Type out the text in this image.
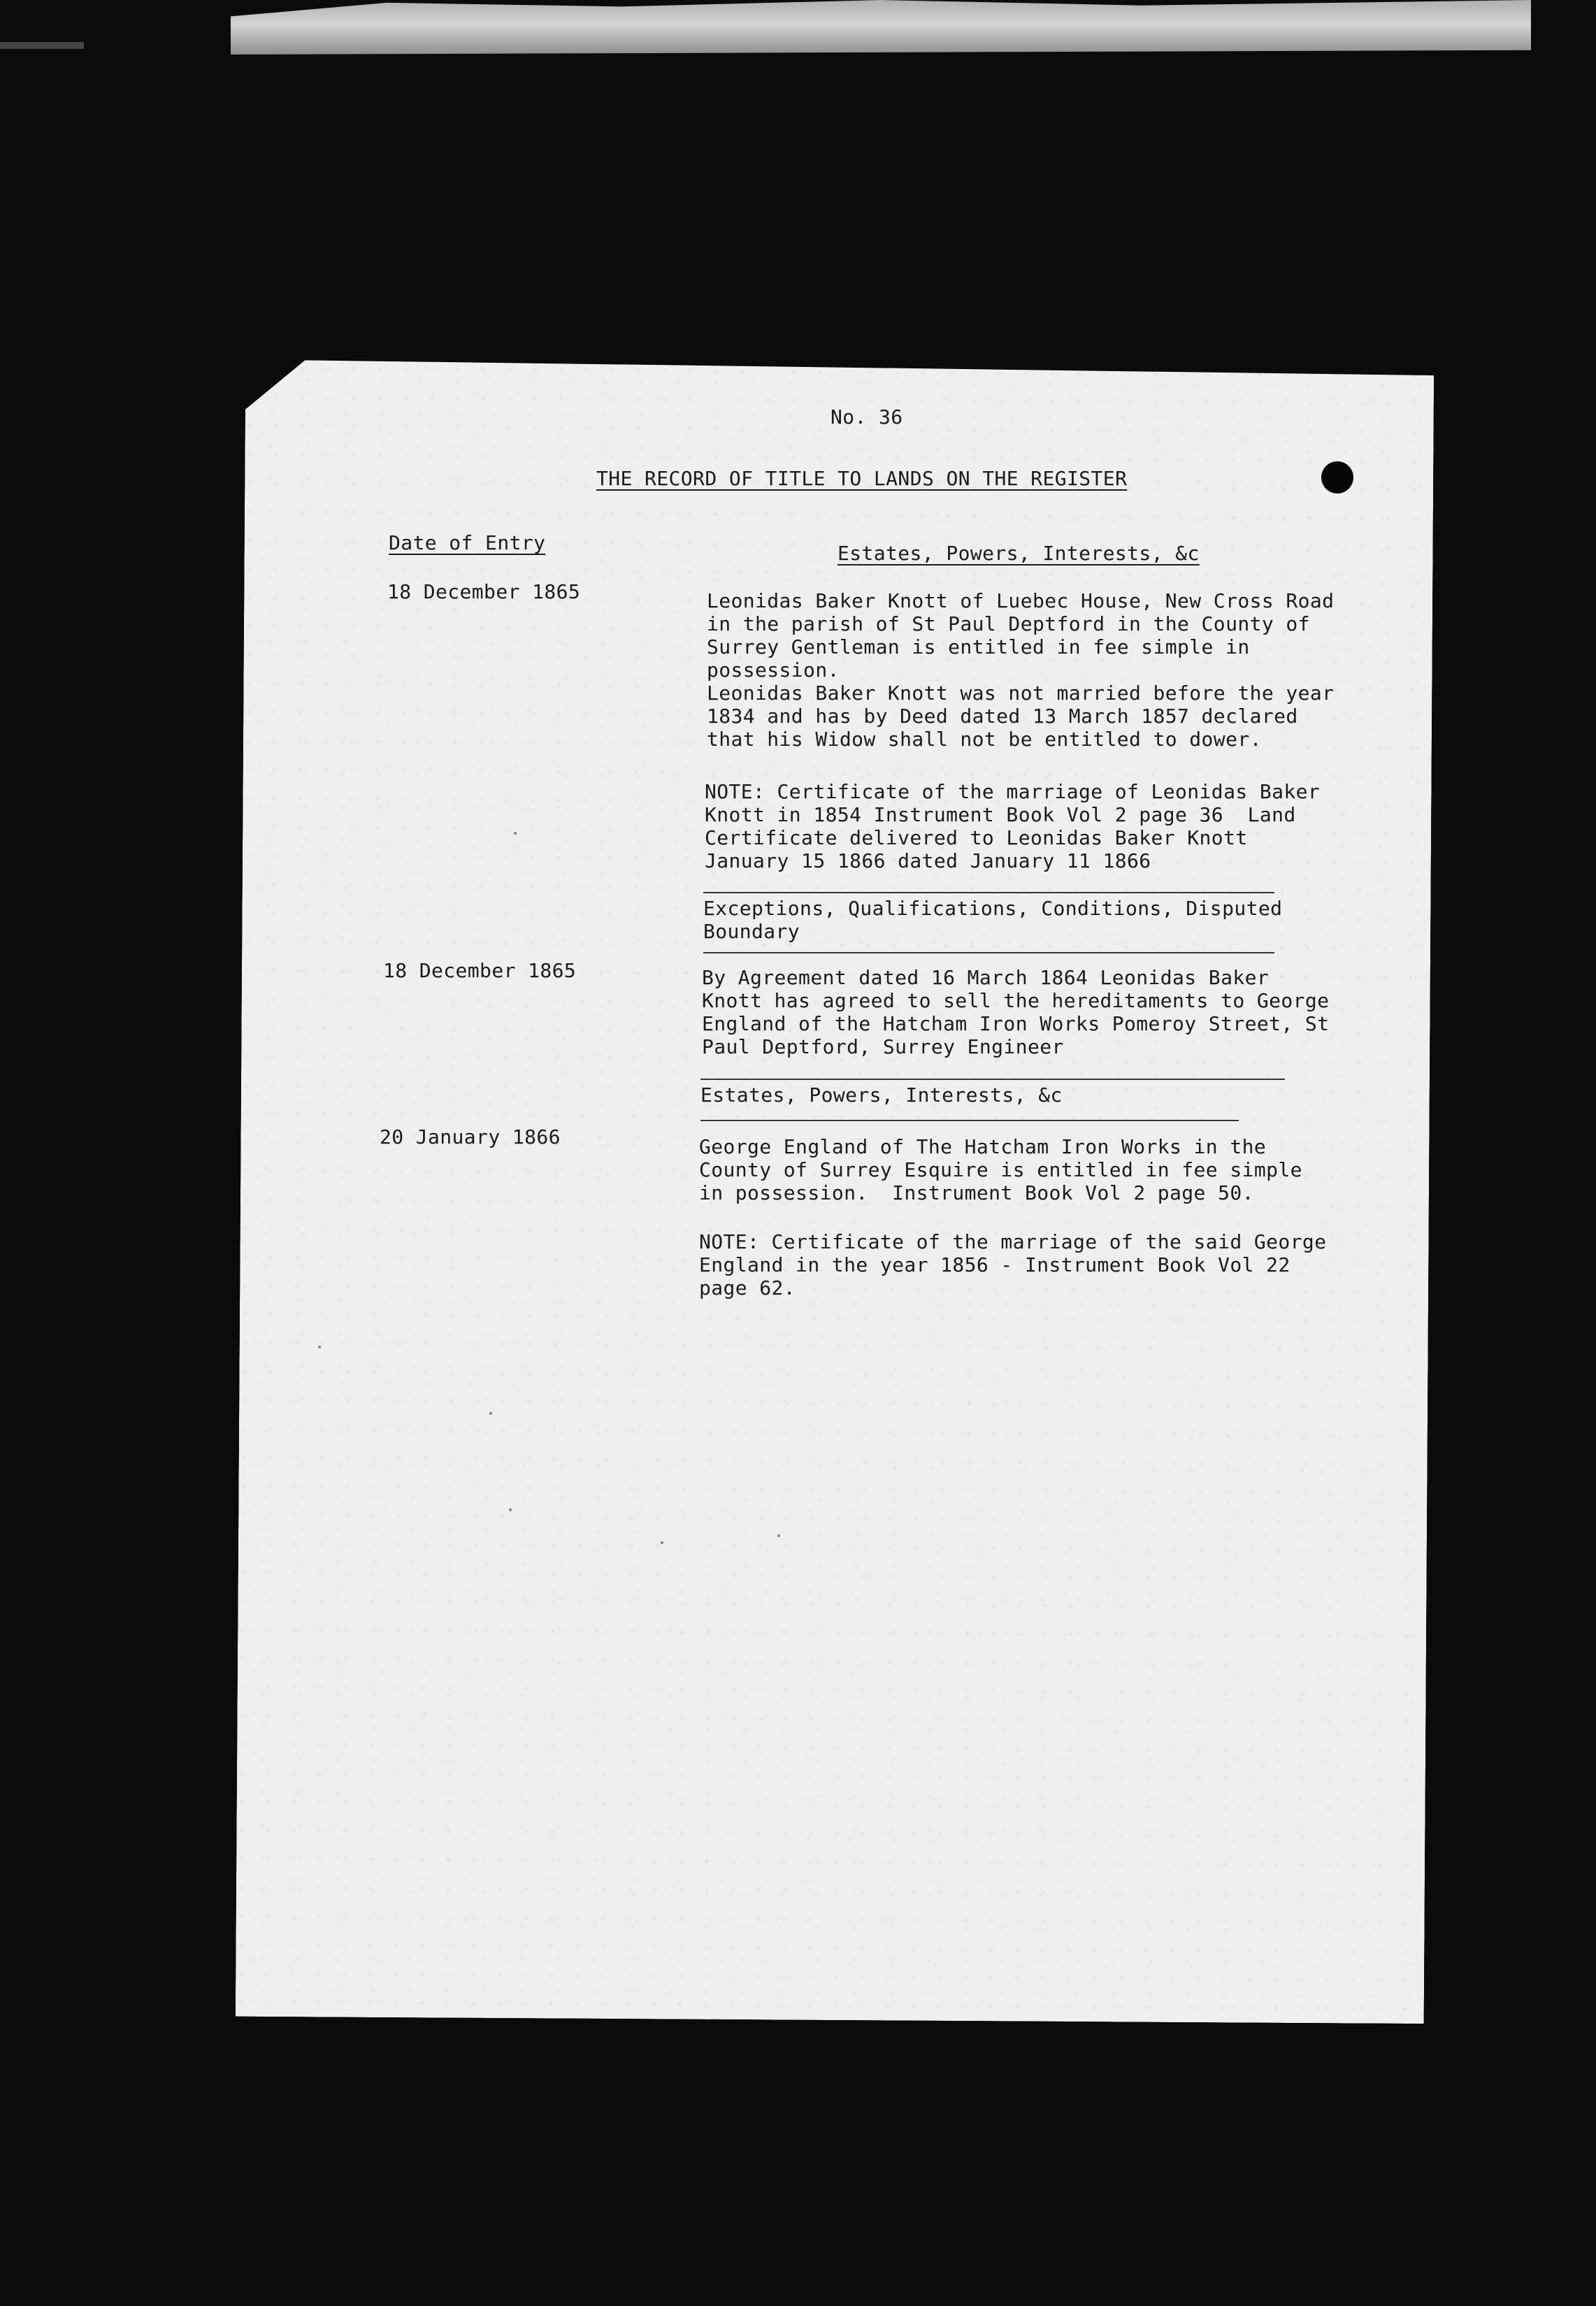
No. 36
THE RECORD OF TITLE TO LANDS ON THE REGISTER
Date of Entry	Estates, Powers, Interests, &c
18 December 1865	Leonidas Baker Knott of Luebec House, New Cross Road
in the parish of St Paul Deptford in the County of
Surrey Gentleman is entitled in fee simple in
possession.
Leonidas Baker Knott was not married before the year
1834 and has by Deed dated 13 March 1857 declared
that his Widow shall not be entitled to dower.
NOTE: Certificate of the marriage of Leonidas Baker
Knott in 1854 Instrument Book Vol 2 page 36  Land
Certificate delivered to Leonidas Baker Knott
January 15 1866 dated January 11 1866
Exceptions, Qualifications, Conditions, Disputed
Boundary
18 December 1865	By Agreement dated 16 March 1864 Leonidas Baker
Knott has agreed to sell the hereditaments to George
England of the Hatcham Iron Works Pomeroy Street, St
Paul Deptford, Surrey Engineer
Estates, Powers, Interests, &c
20 January 1866	George England of The Hatcham Iron Works in the
County of Surrey Esquire is entitled in fee simple
in possession.  Instrument Book Vol 2 page 50.
NOTE: Certificate of the marriage of the said George
England in the year 1856 - Instrument Book Vol 22
page 62.
